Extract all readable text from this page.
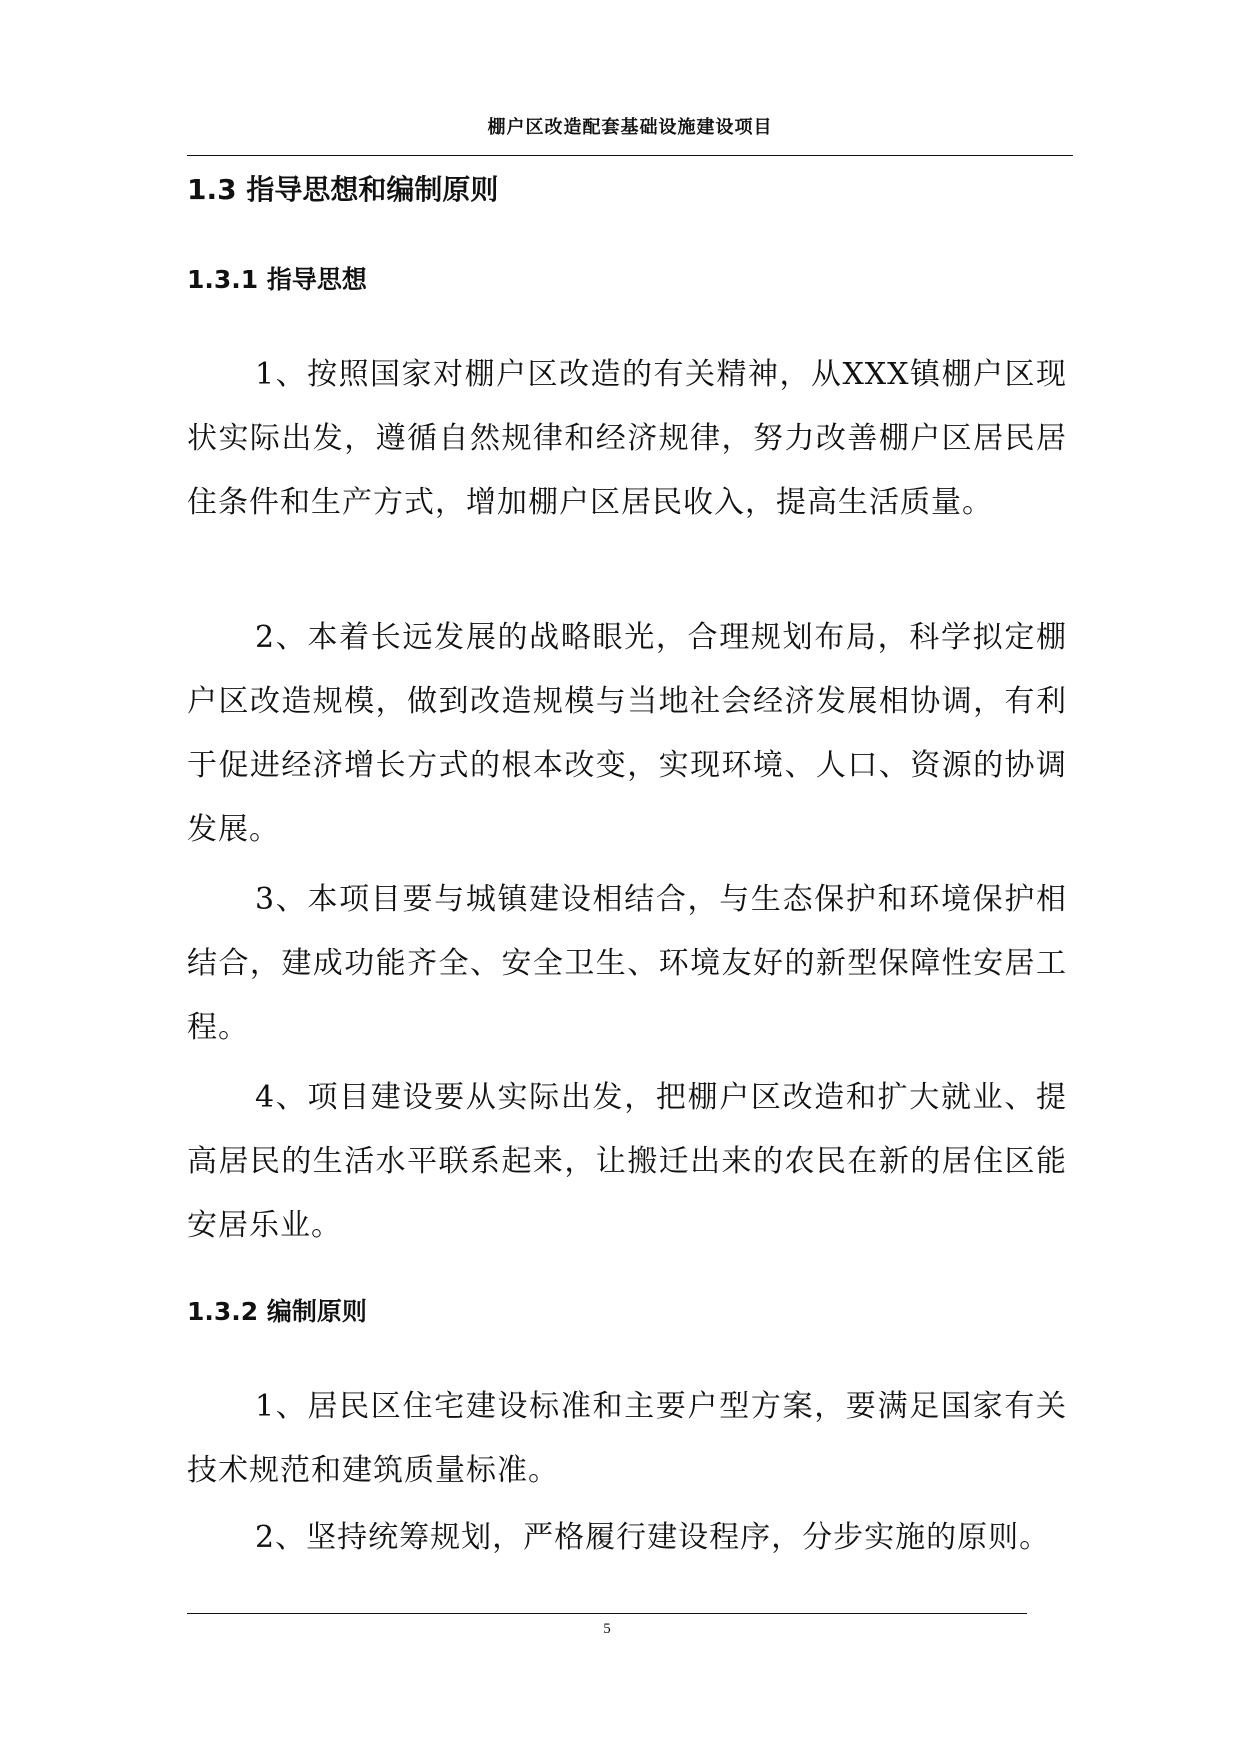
棚户区改造配套基础设施建设项目
1.3 指导思想和编制原则
1.3.1 指导思想

1、按照国家对棚户区改造的有关精神，从XXX镇棚户区现状实际出发，遵循自然规律和经济规律，努力改善棚户区居民居住条件和生产方式，增加棚户区居民收入，提高生活质量。

2、本着长远发展的战略眼光，合理规划布局，科学拟定棚户区改造规模，做到改造规模与当地社会经济发展相协调，有利于促进经济增长方式的根本改变，实现环境、人口、资源的协调发展。

3、本项目要与城镇建设相结合，与生态保护和环境保护相结合，建成功能齐全、安全卫生、环境友好的新型保障性安居工程。

4、项目建设要从实际出发，把棚户区改造和扩大就业、提高居民的生活水平联系起来，让搬迁出来的农民在新的居住区能安居乐业。

1.3.2 编制原则

1、居民区住宅建设标准和主要户型方案，要满足国家有关技术规范和建筑质量标准。

2、坚持统筹规划，严格履行建设程序，分步实施的原则。

5
